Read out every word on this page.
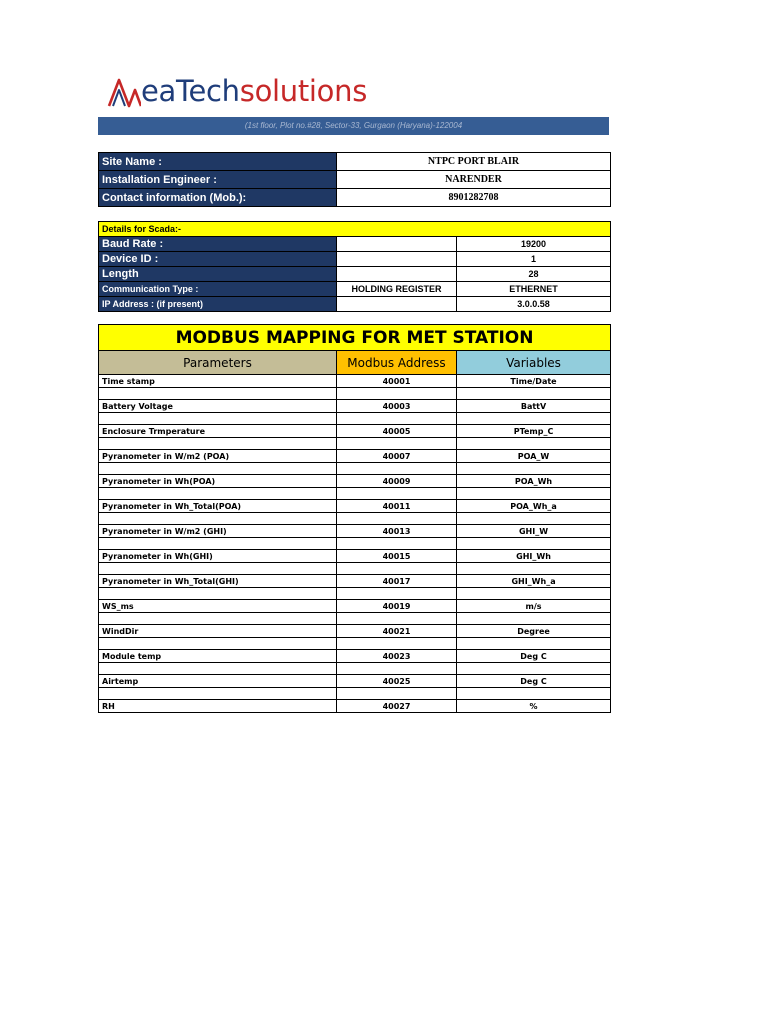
eaTechsolutions
(1st floor, Plot no.#28, Sector-33, Gurgaon (Haryana)-122004
Site Name :	NTPC PORT BLAIR
Installation Engineer :	NARENDER
Contact information (Mob.):	8901282708
Details for Scada:-		
Baud Rate :		19200
Device ID :		1
Length		28
Communication Type :	HOLDING REGISTER	ETHERNET
IP Address : (if present)		3.0.0.58
MODBUS MAPPING FOR MET STATION		
Parameters	Modbus Address	Variables
Time stamp	40001	Time/Date

Battery Voltage	40003	BattV

Enclosure Trmperature	40005	PTemp_C

Pyranometer in W/m2 (POA)	40007	POA_W

Pyranometer in Wh(POA)	40009	POA_Wh

Pyranometer in Wh_Total(POA)	40011	POA_Wh_a

Pyranometer in W/m2 (GHI)	40013	GHI_W

Pyranometer in Wh(GHI)	40015	GHI_Wh

Pyranometer in Wh_Total(GHI)	40017	GHI_Wh_a

WS_ms	40019	m/s

WindDir	40021	Degree

Module temp	40023	Deg C

Airtemp	40025	Deg C

RH	40027	%
